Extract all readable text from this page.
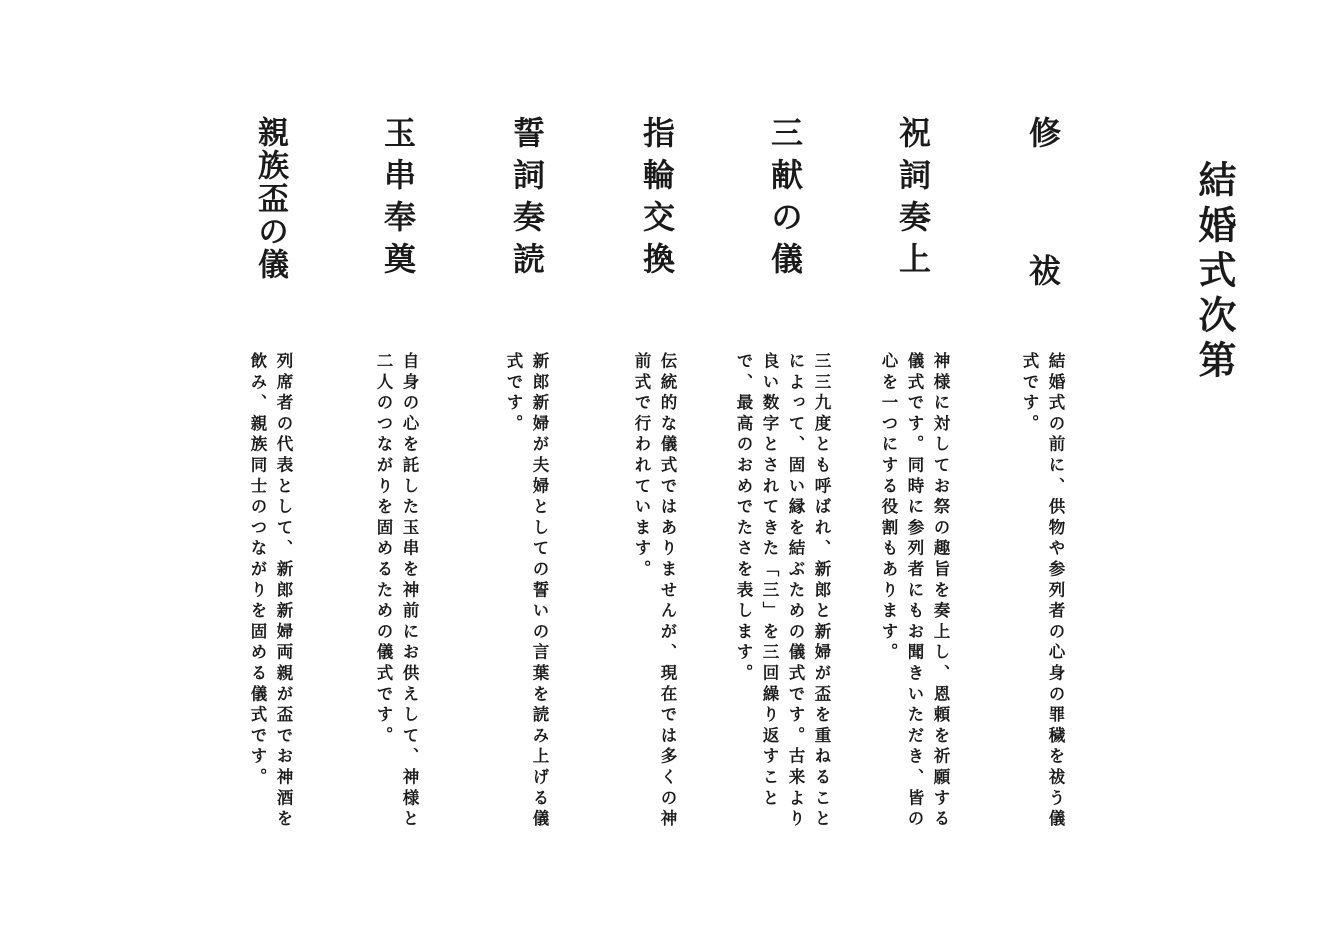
結婚式次第
修祓
結婚式の前に、供物や参列者の心身の罪穢を祓う儀式です。
祝詞奏上
神様に対してお祭の趣旨を奏上し、恩頼を祈願する儀式です。同時に参列者にもお聞きいただき、皆の心を一つにする役割もあります。
三献の儀
三三九度とも呼ばれ、新郎と新婦が盃を重ねることによって、固い縁を結ぶための儀式です。古来より良い数字とされてきた「三」を三回繰り返すことで、最高のおめでたさを表します。
指輪交換
伝統的な儀式ではありませんが、現在では多くの神前式で行われています。
誓詞奏読
新郎新婦が夫婦としての誓いの言葉を読み上げる儀式です。
玉串奉奠
自身の心を託した玉串を神前にお供えして、神様と二人のつながりを固めるための儀式です。
親族盃の儀
列席者の代表として、新郎新婦両親が盃でお神酒を飲み、親族同士のつながりを固める儀式です。
